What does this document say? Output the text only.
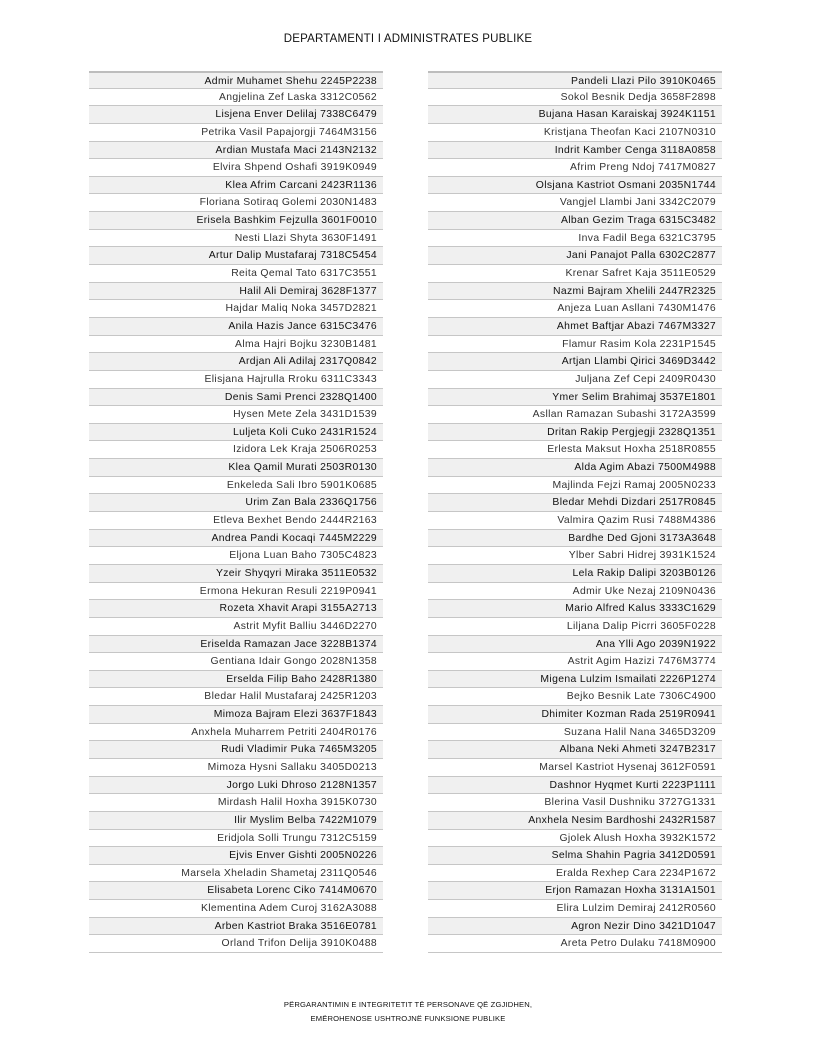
DEPARTAMENTI I ADMINISTRATES PUBLIKE
Admir Muhamet Shehu 2245P2238
Angjelina Zef Laska 3312C0562
Lisjena Enver Delilaj 7338C6479
Petrika Vasil Papajorgji 7464M3156
Ardian Mustafa Maci 2143N2132
Elvira Shpend Oshafi 3919K0949
Klea Afrim Carcani 2423R1136
Floriana Sotiraq Golemi 2030N1483
Erisela Bashkim Fejzulla 3601F0010
Nesti Llazi Shyta 3630F1491
Artur Dalip Mustafaraj 7318C5454
Reita Qemal Tato 6317C3551
Halil Ali Demiraj 3628F1377
Hajdar Maliq Noka 3457D2821
Anila Hazis Jance 6315C3476
Alma Hajri Bojku 3230B1481
Ardjan Ali Adilaj 2317Q0842
Elisjana Hajrulla Rroku 6311C3343
Denis Sami Prenci 2328Q1400
Hysen Mete Zela 3431D1539
Luljeta Koli Cuko 2431R1524
Izidora Lek Kraja 2506R0253
Klea Qamil Murati 2503R0130
Enkeleda Sali Ibro 5901K0685
Urim Zan Bala 2336Q1756
Etleva Bexhet Bendo 2444R2163
Andrea Pandi Kocaqi 7445M2229
Eljona Luan Baho 7305C4823
Yzeir Shyqyri Miraka 3511E0532
Ermona Hekuran Resuli 2219P0941
Rozeta Xhavit Arapi 3155A2713
Astrit Myfit Balliu 3446D2270
Eriselda Ramazan Jace 3228B1374
Gentiana Idair Gongo 2028N1358
Erselda Filip Baho 2428R1380
Bledar Halil Mustafaraj 2425R1203
Mimoza Bajram Elezi 3637F1843
Anxhela Muharrem Petriti 2404R0176
Rudi Vladimir Puka 7465M3205
Mimoza Hysni Sallaku 3405D0213
Jorgo Luki Dhroso 2128N1357
Mirdash Halil Hoxha 3915K0730
Ilir Myslim Belba 7422M1079
Eridjola Solli Trungu 7312C5159
Ejvis Enver Gishti 2005N0226
Marsela Xheladin Shametaj 2311Q0546
Elisabeta Lorenc Ciko 7414M0670
Klementina Adem Curoj 3162A3088
Arben Kastriot Braka 3516E0781
Orland Trifon Delija 3910K0488
Pandeli Llazi Pilo 3910K0465
Sokol Besnik Dedja 3658F2898
Bujana Hasan Karaiskaj 3924K1151
Kristjana Theofan Kaci 2107N0310
Indrit Kamber Cenga 3118A0858
Afrim Preng Ndoj 7417M0827
Olsjana Kastriot Osmani 2035N1744
Vangjel Llambi Jani 3342C2079
Alban Gezim Traga 6315C3482
Inva Fadil Bega 6321C3795
Jani Panajot Palla 6302C2877
Krenar Safret Kaja 3511E0529
Nazmi Bajram Xhelili 2447R2325
Anjeza Luan Asllani 7430M1476
Ahmet Baftjar Abazi 7467M3327
Flamur Rasim Kola 2231P1545
Artjan Llambi Qirici 3469D3442
Juljana Zef Cepi 2409R0430
Ymer Selim Brahimaj 3537E1801
Asllan Ramazan Subashi 3172A3599
Dritan Rakip Pergjegji 2328Q1351
Erlesta Maksut Hoxha 2518R0855
Alda Agim Abazi 7500M4988
Majlinda Fejzi Ramaj 2005N0233
Bledar Mehdi Dizdari 2517R0845
Valmira Qazim Rusi 7488M4386
Bardhe Ded Gjoni 3173A3648
Ylber Sabri Hidrej 3931K1524
Lela Rakip Dalipi 3203B0126
Admir Uke Nezaj 2109N0436
Mario Alfred Kalus 3333C1629
Liljana Dalip Picrri 3605F0228
Ana Ylli Ago 2039N1922
Astrit Agim Hazizi 7476M3774
Migena Lulzim Ismailati 2226P1274
Bejko Besnik Late 7306C4900
Dhimiter Kozman Rada 2519R0941
Suzana Halil Nana 3465D3209
Albana Neki Ahmeti 3247B2317
Marsel Kastriot Hysenaj 3612F0591
Dashnor Hyqmet Kurti 2223P1111
Blerina Vasil Dushniku 3727G1331
Anxhela Nesim Bardhoshi 2432R1587
Gjolek Alush Hoxha 3932K1572
Selma Shahin Pagria 3412D0591
Eralda Rexhep Cara 2234P1672
Erjon Ramazan Hoxha 3131A1501
Elira Lulzim Demiraj 2412R0560
Agron Nezir Dino 3421D1047
Areta Petro Dulaku 7418M0900
PËRGARANTIMIN E INTEGRITETIT TË PERSONAVE QË ZGJIDHEN,
EMËROHENOSE USHTROJNË FUNKSIONE PUBLIKE
